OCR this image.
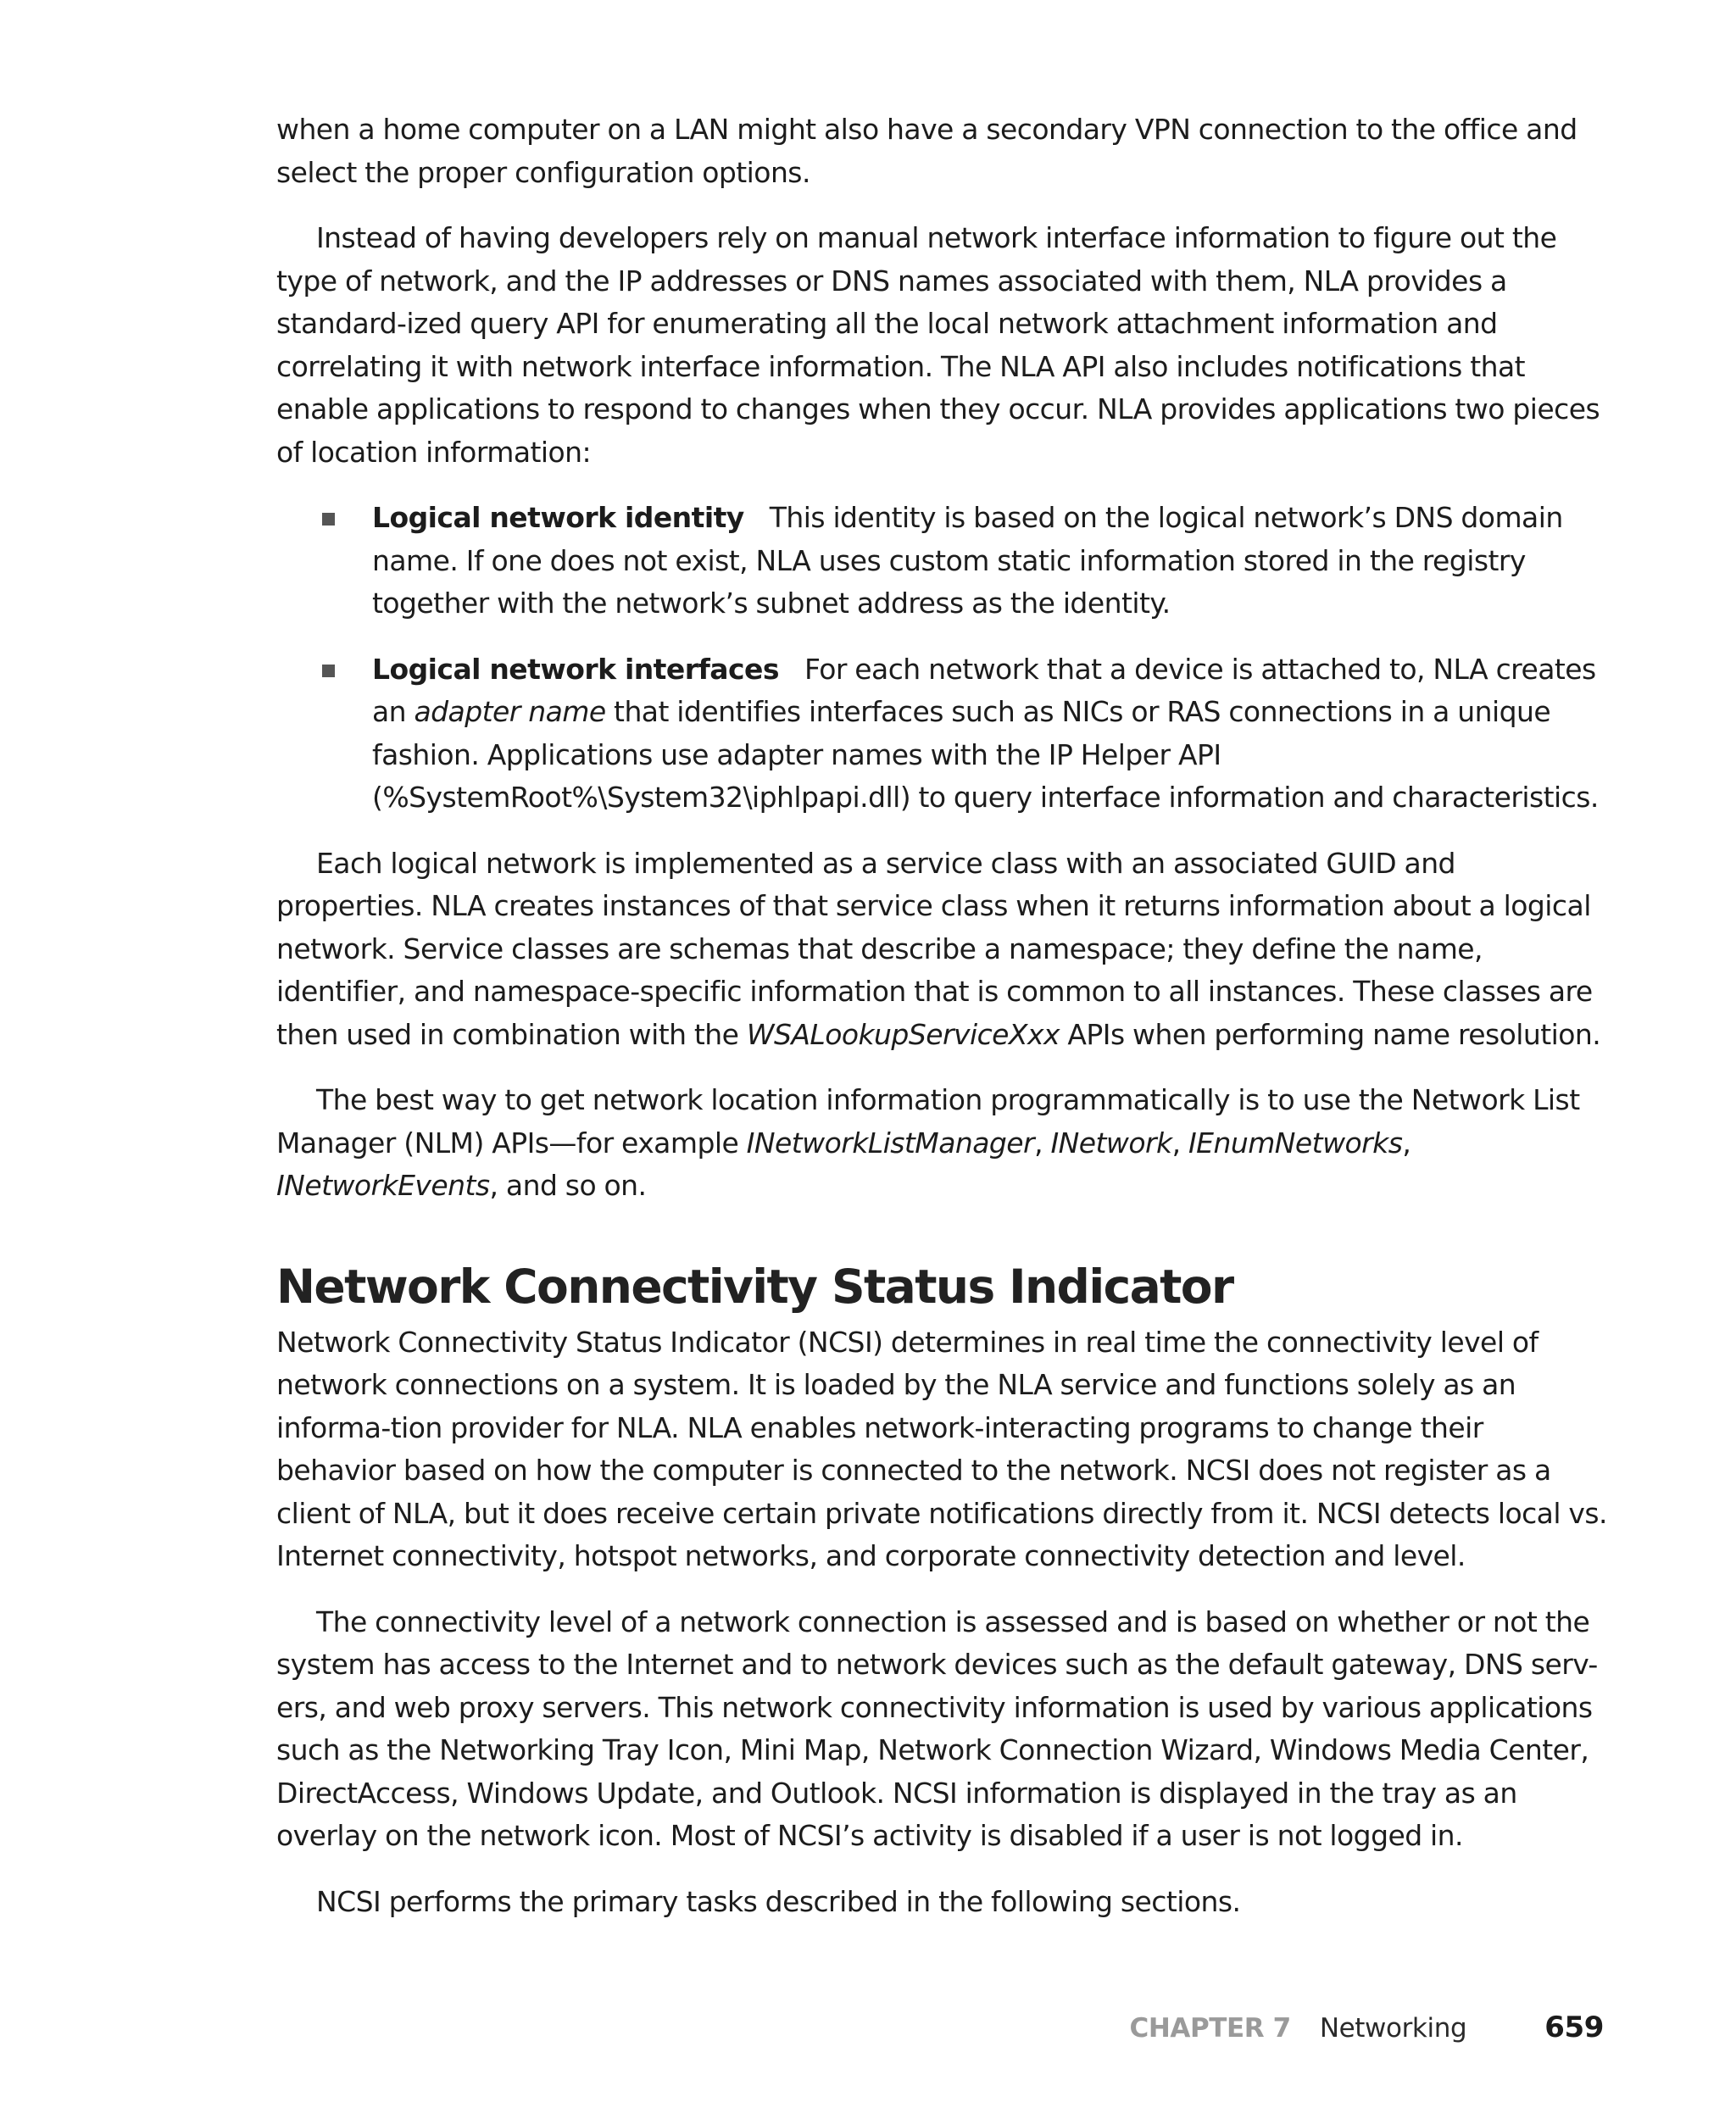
when a home computer on a LAN might also have a secondary VPN connection to the office and select the proper configuration options.

Instead of having developers rely on manual network interface information to figure out the type of network, and the IP addresses or DNS names associated with them, NLA provides a standard-ized query API for enumerating all the local network attachment information and correlating it with network interface information. The NLA API also includes notifications that enable applications to respond to changes when they occur. NLA provides applications two pieces of location information:

Logical network identity This identity is based on the logical network’s DNS domain name. If one does not exist, NLA uses custom static information stored in the registry together with the network’s subnet address as the identity.
Logical network interfaces For each network that a device is attached to, NLA creates an adapter name that identifies interfaces such as NICs or RAS connections in a unique fashion. Applications use adapter names with the IP Helper API (%SystemRoot%\System32\iphlpapi.dll) to query interface information and characteristics.

Each logical network is implemented as a service class with an associated GUID and properties. NLA creates instances of that service class when it returns information about a logical network. Service classes are schemas that describe a namespace; they define the name, identifier, and namespace-specific information that is common to all instances. These classes are then used in combination with the WSALookupServiceXxx APIs when performing name resolution.

The best way to get network location information programmatically is to use the Network List Manager (NLM) APIs—for example INetworkListManager, INetwork, IEnumNetworks, INetworkEvents, and so on.

Network Connectivity Status Indicator

Network Connectivity Status Indicator (NCSI) determines in real time the connectivity level of network connections on a system. It is loaded by the NLA service and functions solely as an informa-tion provider for NLA. NLA enables network-interacting programs to change their behavior based on how the computer is connected to the network. NCSI does not register as a client of NLA, but it does receive certain private notifications directly from it. NCSI detects local vs. Internet connectivity, hotspot networks, and corporate connectivity detection and level.

The connectivity level of a network connection is assessed and is based on whether or not the system has access to the Internet and to network devices such as the default gateway, DNS serv-ers, and web proxy servers. This network connectivity information is used by various applications such as the Networking Tray Icon, Mini Map, Network Connection Wizard, Windows Media Center, DirectAccess, Windows Update, and Outlook. NCSI information is displayed in the tray as an overlay on the network icon. Most of NCSI’s activity is disabled if a user is not logged in.

NCSI performs the primary tasks described in the following sections.

CHAPTER 7 Networking	659
